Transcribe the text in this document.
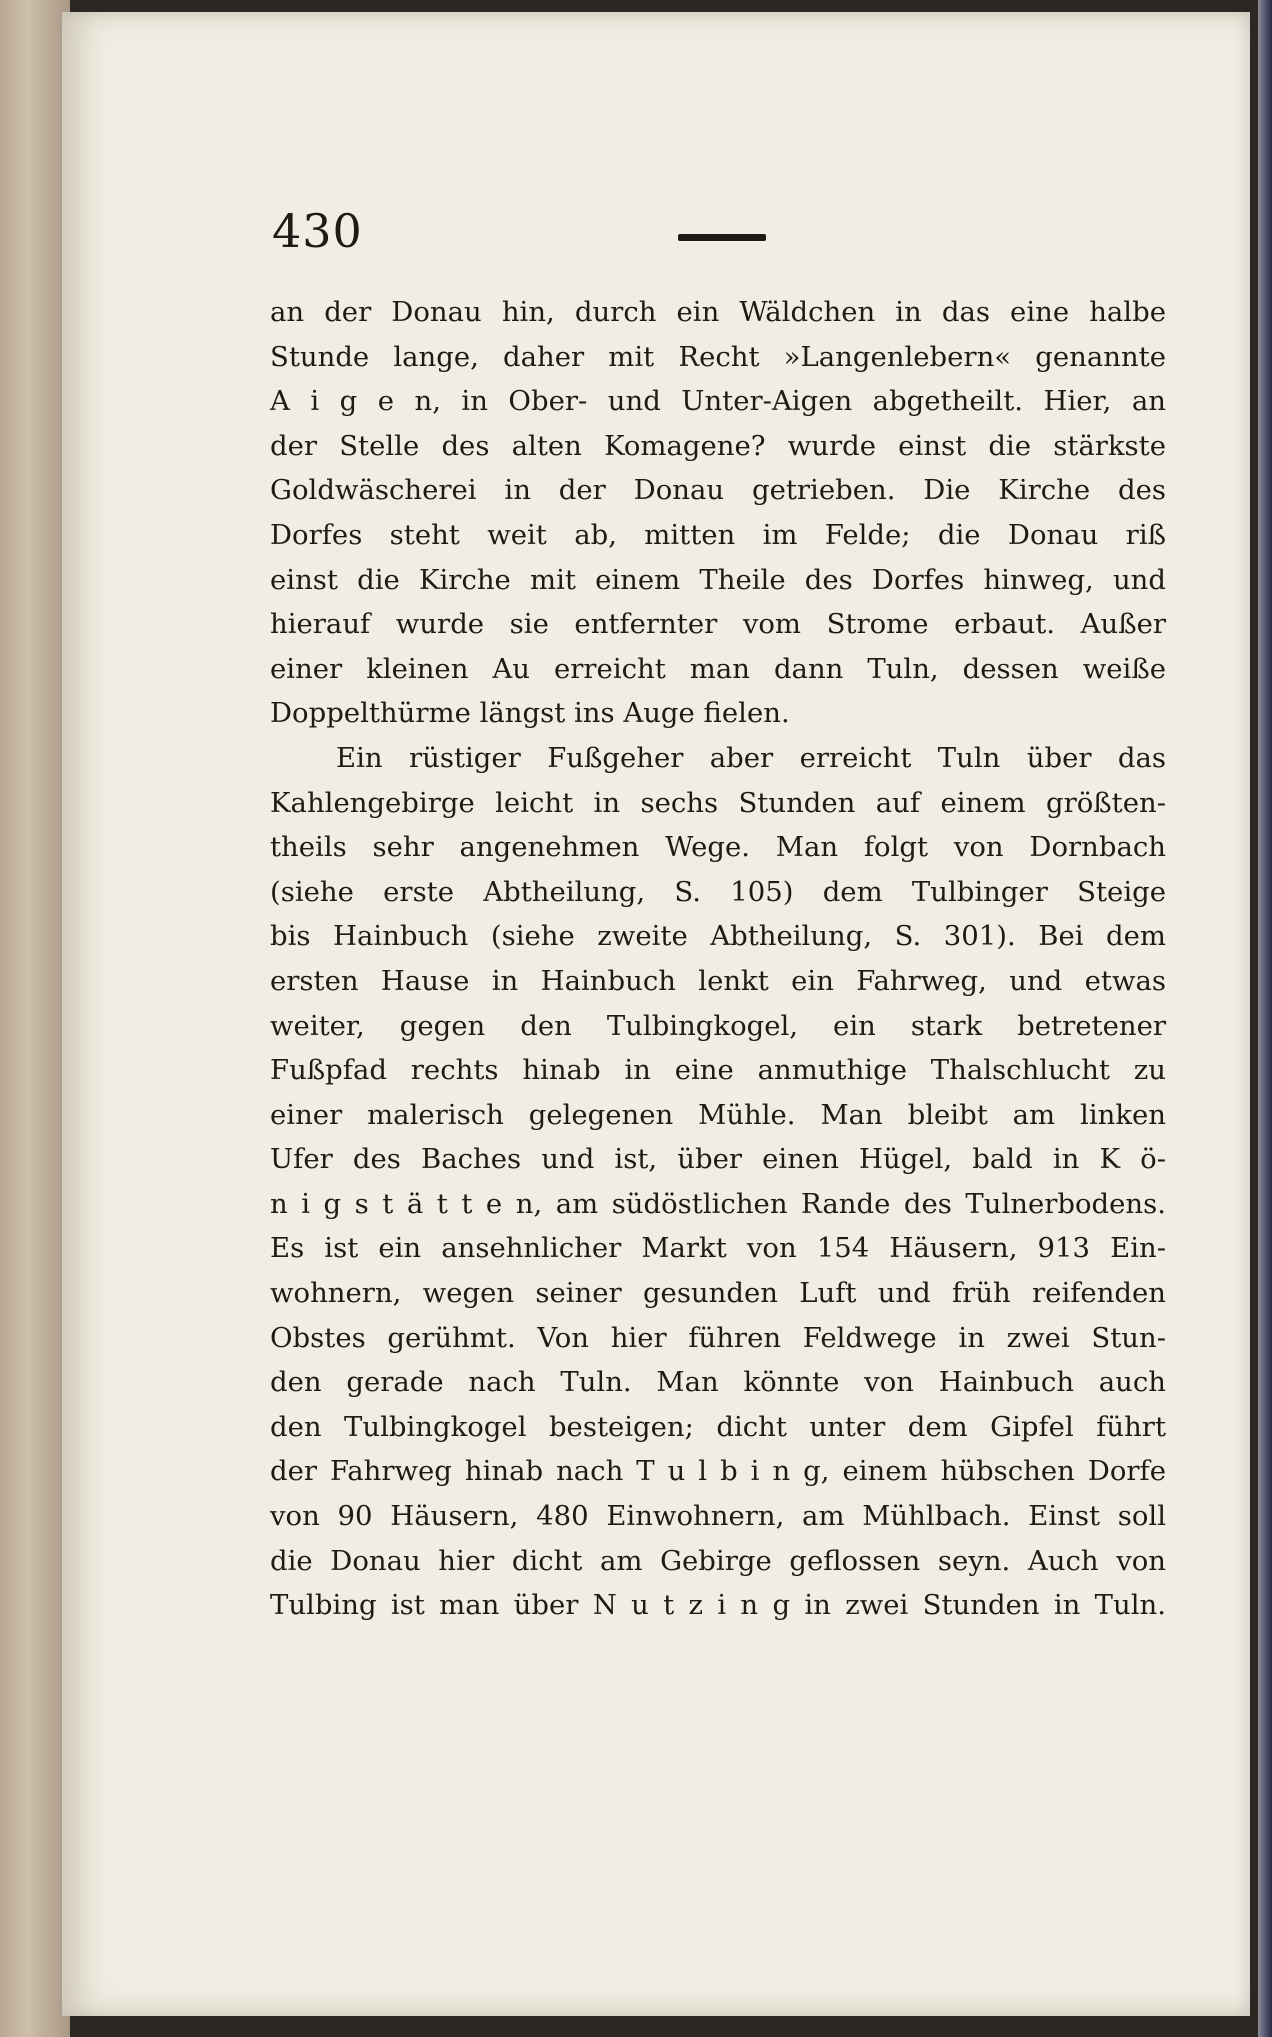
430
an der Donau hin, durch ein Wäldchen in das eine halbe
Stunde lange, daher mit Recht »Langenlebern« genannte
A i g e n, in Ober- und Unter-Aigen abgetheilt. Hier, an
der Stelle des alten Komagene? wurde einst die stärkste
Goldwäscherei in der Donau getrieben. Die Kirche des
Dorfes steht weit ab, mitten im Felde; die Donau riß
einst die Kirche mit einem Theile des Dorfes hinweg, und
hierauf wurde sie entfernter vom Strome erbaut. Außer
einer kleinen Au erreicht man dann Tuln, dessen weiße
Doppelthürme längst ins Auge fielen.
Ein rüstiger Fußgeher aber erreicht Tuln über das
Kahlengebirge leicht in sechs Stunden auf einem größten-
theils sehr angenehmen Wege. Man folgt von Dornbach
(siehe erste Abtheilung, S. 105) dem Tulbinger Steige
bis Hainbuch (siehe zweite Abtheilung, S. 301). Bei dem
ersten Hause in Hainbuch lenkt ein Fahrweg, und etwas
weiter, gegen den Tulbingkogel, ein stark betretener
Fußpfad rechts hinab in eine anmuthige Thalschlucht zu
einer malerisch gelegenen Mühle. Man bleibt am linken
Ufer des Baches und ist, über einen Hügel, bald in K ö-
n i g s t ä t t e n, am südöstlichen Rande des Tulnerbodens.
Es ist ein ansehnlicher Markt von 154 Häusern, 913 Ein-
wohnern, wegen seiner gesunden Luft und früh reifenden
Obstes gerühmt. Von hier führen Feldwege in zwei Stun-
den gerade nach Tuln. Man könnte von Hainbuch auch
den Tulbingkogel besteigen; dicht unter dem Gipfel führt
der Fahrweg hinab nach T u l b i n g, einem hübschen Dorfe
von 90 Häusern, 480 Einwohnern, am Mühlbach. Einst soll
die Donau hier dicht am Gebirge geflossen seyn. Auch von
Tulbing ist man über N u t z i n g in zwei Stunden in Tuln.
